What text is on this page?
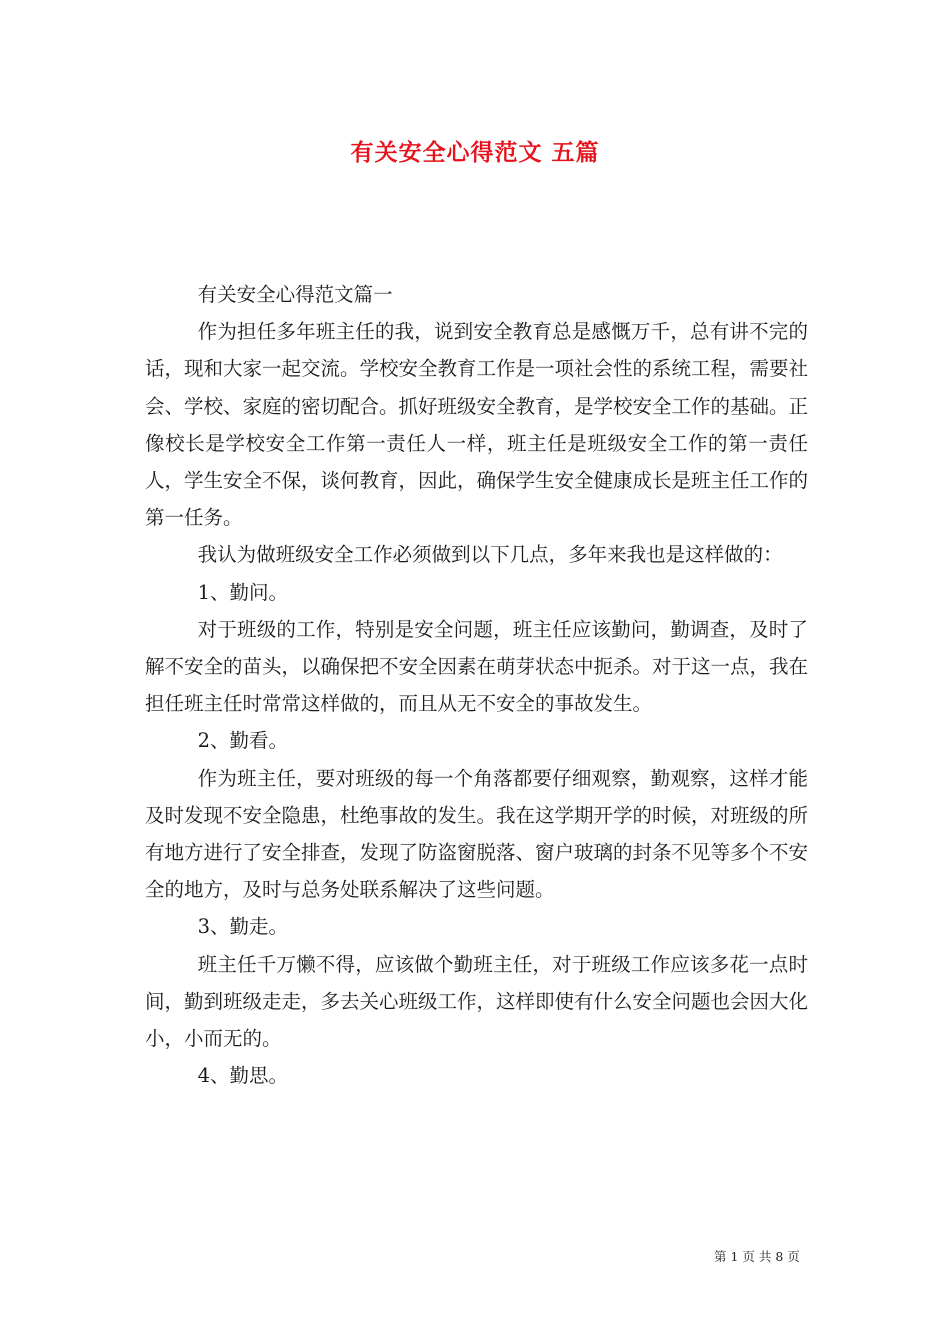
有关安全心得范文 五篇

有关安全心得范文篇一

作为担任多年班主任的我，说到安全教育总是感慨万千，总有讲不完的话，现和大家一起交流。学校安全教育工作是一项社会性的系统工程，需要社会、学校、家庭的密切配合。抓好班级安全教育，是学校安全工作的基础。正像校长是学校安全工作第一责任人一样，班主任是班级安全工作的第一责任人，学生安全不保，谈何教育，因此，确保学生安全健康成长是班主任工作的第一任务。

我认为做班级安全工作必须做到以下几点，多年来我也是这样做的：

1、勤问。

对于班级的工作，特别是安全问题，班主任应该勤问，勤调查，及时了解不安全的苗头，以确保把不安全因素在萌芽状态中扼杀。对于这一点，我在担任班主任时常常这样做的，而且从无不安全的事故发生。

2、勤看。

作为班主任，要对班级的每一个角落都要仔细观察，勤观察，这样才能及时发现不安全隐患，杜绝事故的发生。我在这学期开学的时候，对班级的所有地方进行了安全排查，发现了防盗窗脱落、窗户玻璃的封条不见等多个不安全的地方，及时与总务处联系解决了这些问题。

3、勤走。

班主任千万懒不得，应该做个勤班主任，对于班级工作应该多花一点时间，勤到班级走走，多去关心班级工作，这样即使有什么安全问题也会因大化小，小而无的。

4、勤思。

第 1 页 共 8 页
